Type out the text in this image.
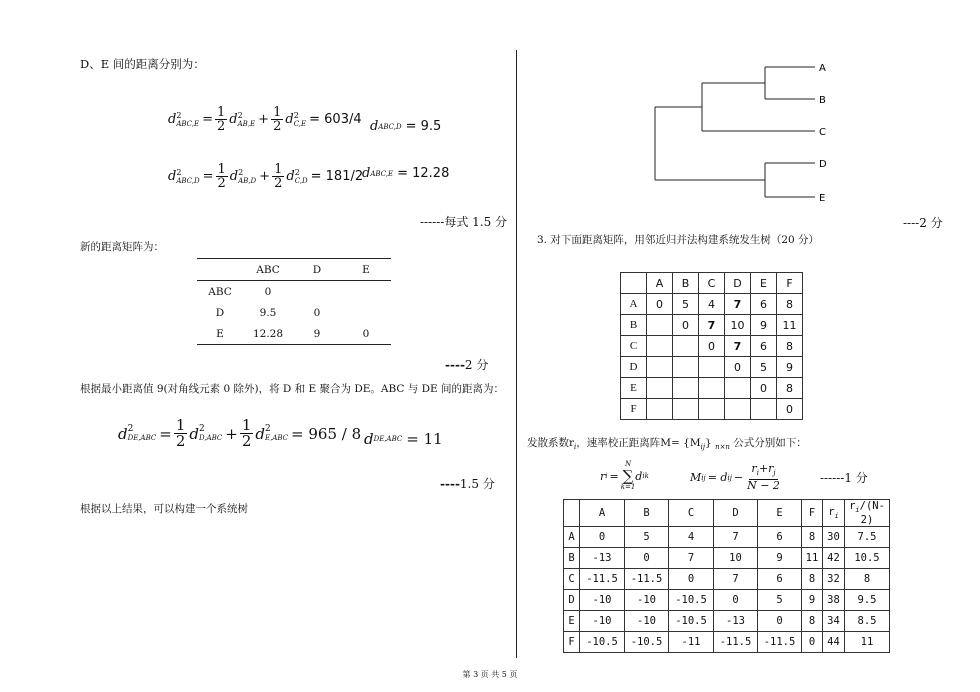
D、E 间的距离分别为：
d 2
$ABC,E = \frac{1}{2}$ d 2
$AB,E + \frac{1}{2}$ d 2
C,E = 603/4 d ABC,D = 9.5
d 2
$ABC,D = \frac{1}{2}$ d 2
$AB,D + \frac{1}{2}$ d 2
C,D = 181/2
d ABC,E = 12.28
------每式 1.5 分
新的距离矩阵为：
	ABC	D	E
ABC	0		
D	9.5	0	
E	12.28	9	0
----2 分
根据最小距离值 9(对角线元素 0 除外)，将 D 和 E 聚合为 DE。ABC 与 DE 间的距离为：
d 2
$DE,ABC = \frac{1}{2}$ d 2
$D,ABC + \frac{1}{2}$ d 2
E,ABC = 965 / 8 d DE,ABC = 11
----1.5 分
根据以上结果，可以构建一个系统树
A
B
C
D
E
----2 分
3. 对下面距离矩阵，用邻近归并法构建系统发生树（20 分）
	A	B	C	D	E	F
A	0	5	4	7	6	8
B		0	7	10	9	11
C			0	7	6	8
D				0	5	9
E					0	8
F						0
发散系数$r_i$，速率校正距离阵$M= \{M_{ij}\}$ $_{n\times n}$ 公式分别如下：
r i =
N
∑
k=1
d ik	M ij = d ij − $\frac{r_i+r_j}{N - 2}$	------1 分
	A	B	C	D	E	F	$r_i$	$r_i/(N-2)$
A	0	5	4	7	6	8	30	7.5
B	-13	0	7	10	9	11	42	10.5
C	-11.5	-11.5	0	7	6	8	32	8
D	-10	-10	-10.5	0	5	9	38	9.5
E	-10	-10	-10.5	-13	0	8	34	8.5
F	-10.5	-10.5	-11	-11.5	-11.5	0	44	11
第 3 页 共 5 页
